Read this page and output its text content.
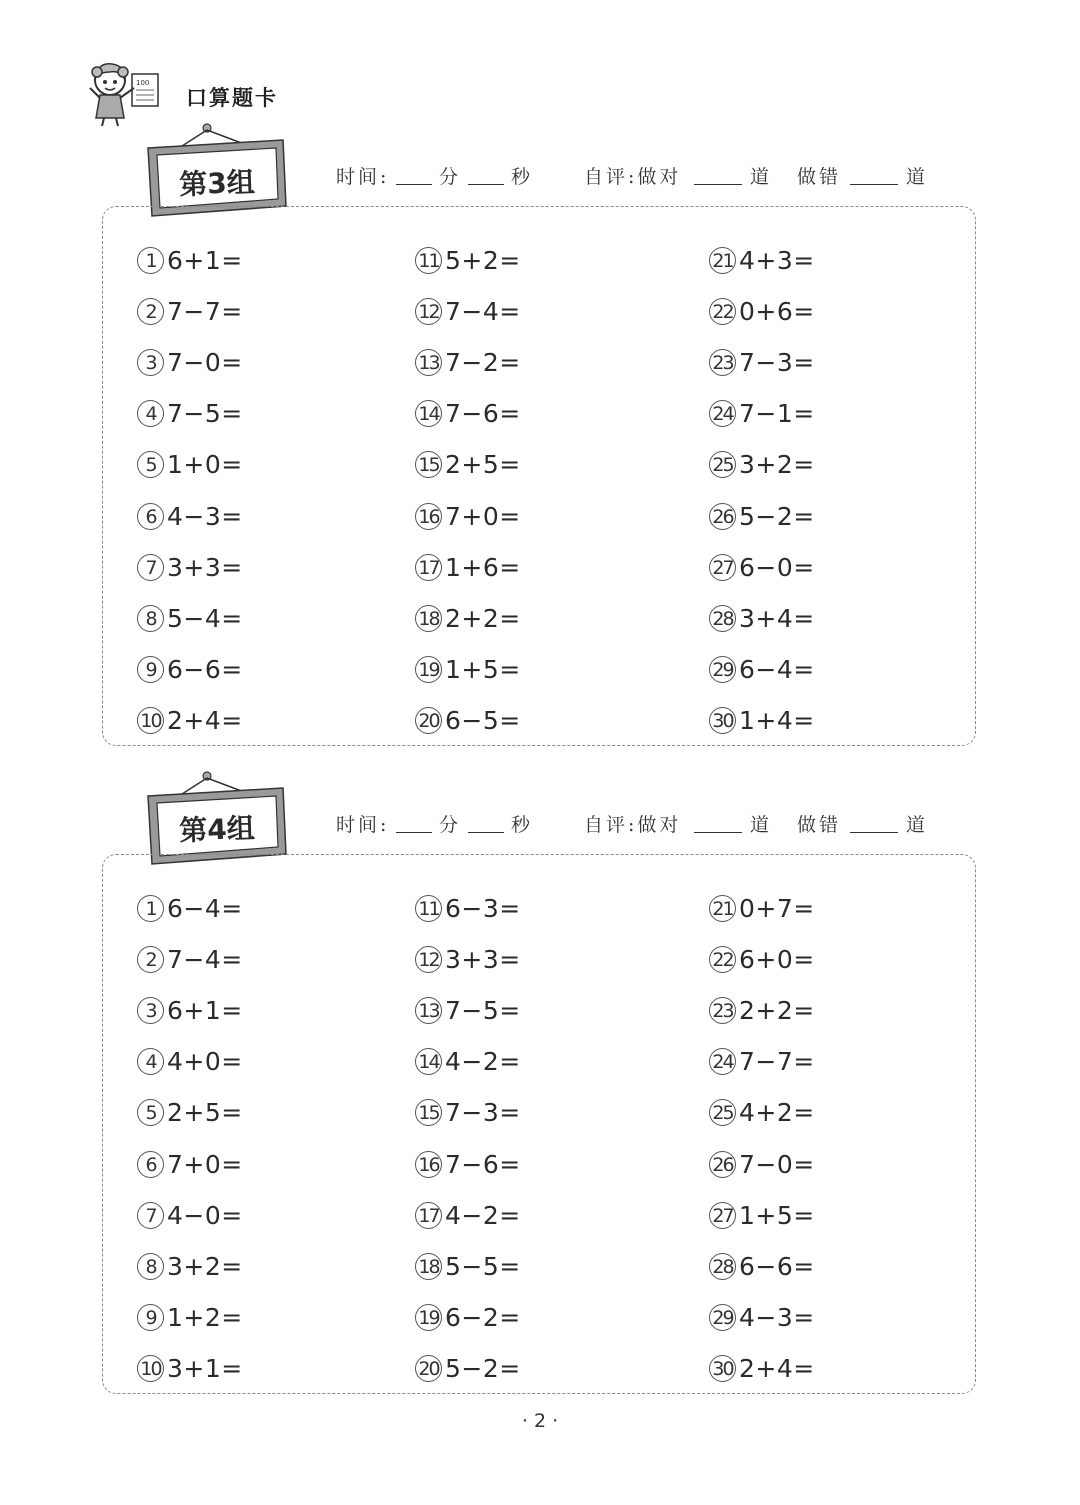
100
口算题卡
第3组	时间:	分	秒	自评:做对	道 做错	道
1 6+1=
2 7−7=
3 7−0=
4 7−5=
5 1+0=
6 4−3=
7 3+3=
8 5−4=
9 6−6=
10 2+4=
11 5+2=
12 7−4=
13 7−2=
14 7−6=
15 2+5=
16 7+0=
17 1+6=
18 2+2=
19 1+5=
20 6−5=
21 4+3=
22 0+6=
23 7−3=
24 7−1=
25 3+2=
26 5−2=
27 6−0=
28 3+4=
29 6−4=
30 1+4=
第4组	时间:	分	秒	自评:做对	道 做错	道
1 6−4=
2 7−4=
3 6+1=
4 4+0=
5 2+5=
6 7+0=
7 4−0=
8 3+2=
9 1+2=
10 3+1=
11 6−3=
12 3+3=
13 7−5=
14 4−2=
15 7−3=
16 7−6=
17 4−2=
18 5−5=
19 6−2=
20 5−2=
21 0+7=
22 6+0=
23 2+2=
24 7−7=
25 4+2=
26 7−0=
27 1+5=
28 6−6=
29 4−3=
30 2+4=
· 2 ·
